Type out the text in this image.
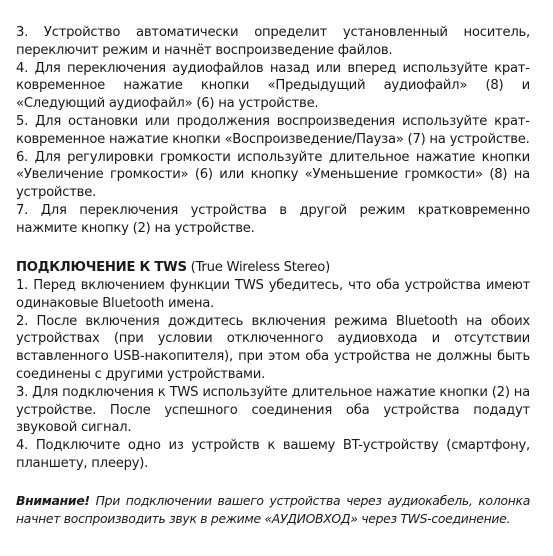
3. Устройство автоматически определит установленный носитель, переключит режим и начнёт воспроизведение файлов.

4. Для переключения аудиофайлов назад или вперед используйте кратковременное нажатие кнопки «Предыдущий аудиофайл» (8) и «Следующий аудиофайл» (6) на устройстве.

5. Для остановки или продолжения воспроизведения используйте кратковременное нажатие кнопки «Воспроизведение/Пауза» (7) на устройстве.

6. Для регулировки громкости используйте длительное нажатие кнопки «Увеличение громкости» (6) или кнопку «Уменьшение громкости» (8) на устройстве.

7. Для переключения устройства в другой режим кратковременно нажмите кнопку (2) на устройстве.

ПОДКЛЮЧЕНИЕ К TWS (True Wireless Stereo)

1. Перед включением функции TWS убедитесь, что оба устройства имеют одинаковые Bluetooth имена.

2. После включения дождитесь включения режима Bluetooth на обоих устройствах (при условии отключенного аудиовхода и отсутствии вставленного USB-накопителя), при этом оба устройства не должны быть соединены с другими устройствами.

3. Для подключения к TWS используйте длительное нажатие кнопки (2) на устройстве. После успешного соединения оба устройства подадут звуковой сигнал.

4. Подключите одно из устройств к вашему BT-устройству (смартфону, планшету, плееру).

Внимание! При подключении вашего устройства через аудиокабель, колонка начнет воспроизводить звук в режиме «АУДИОВХОД» через TWS-соединение.
